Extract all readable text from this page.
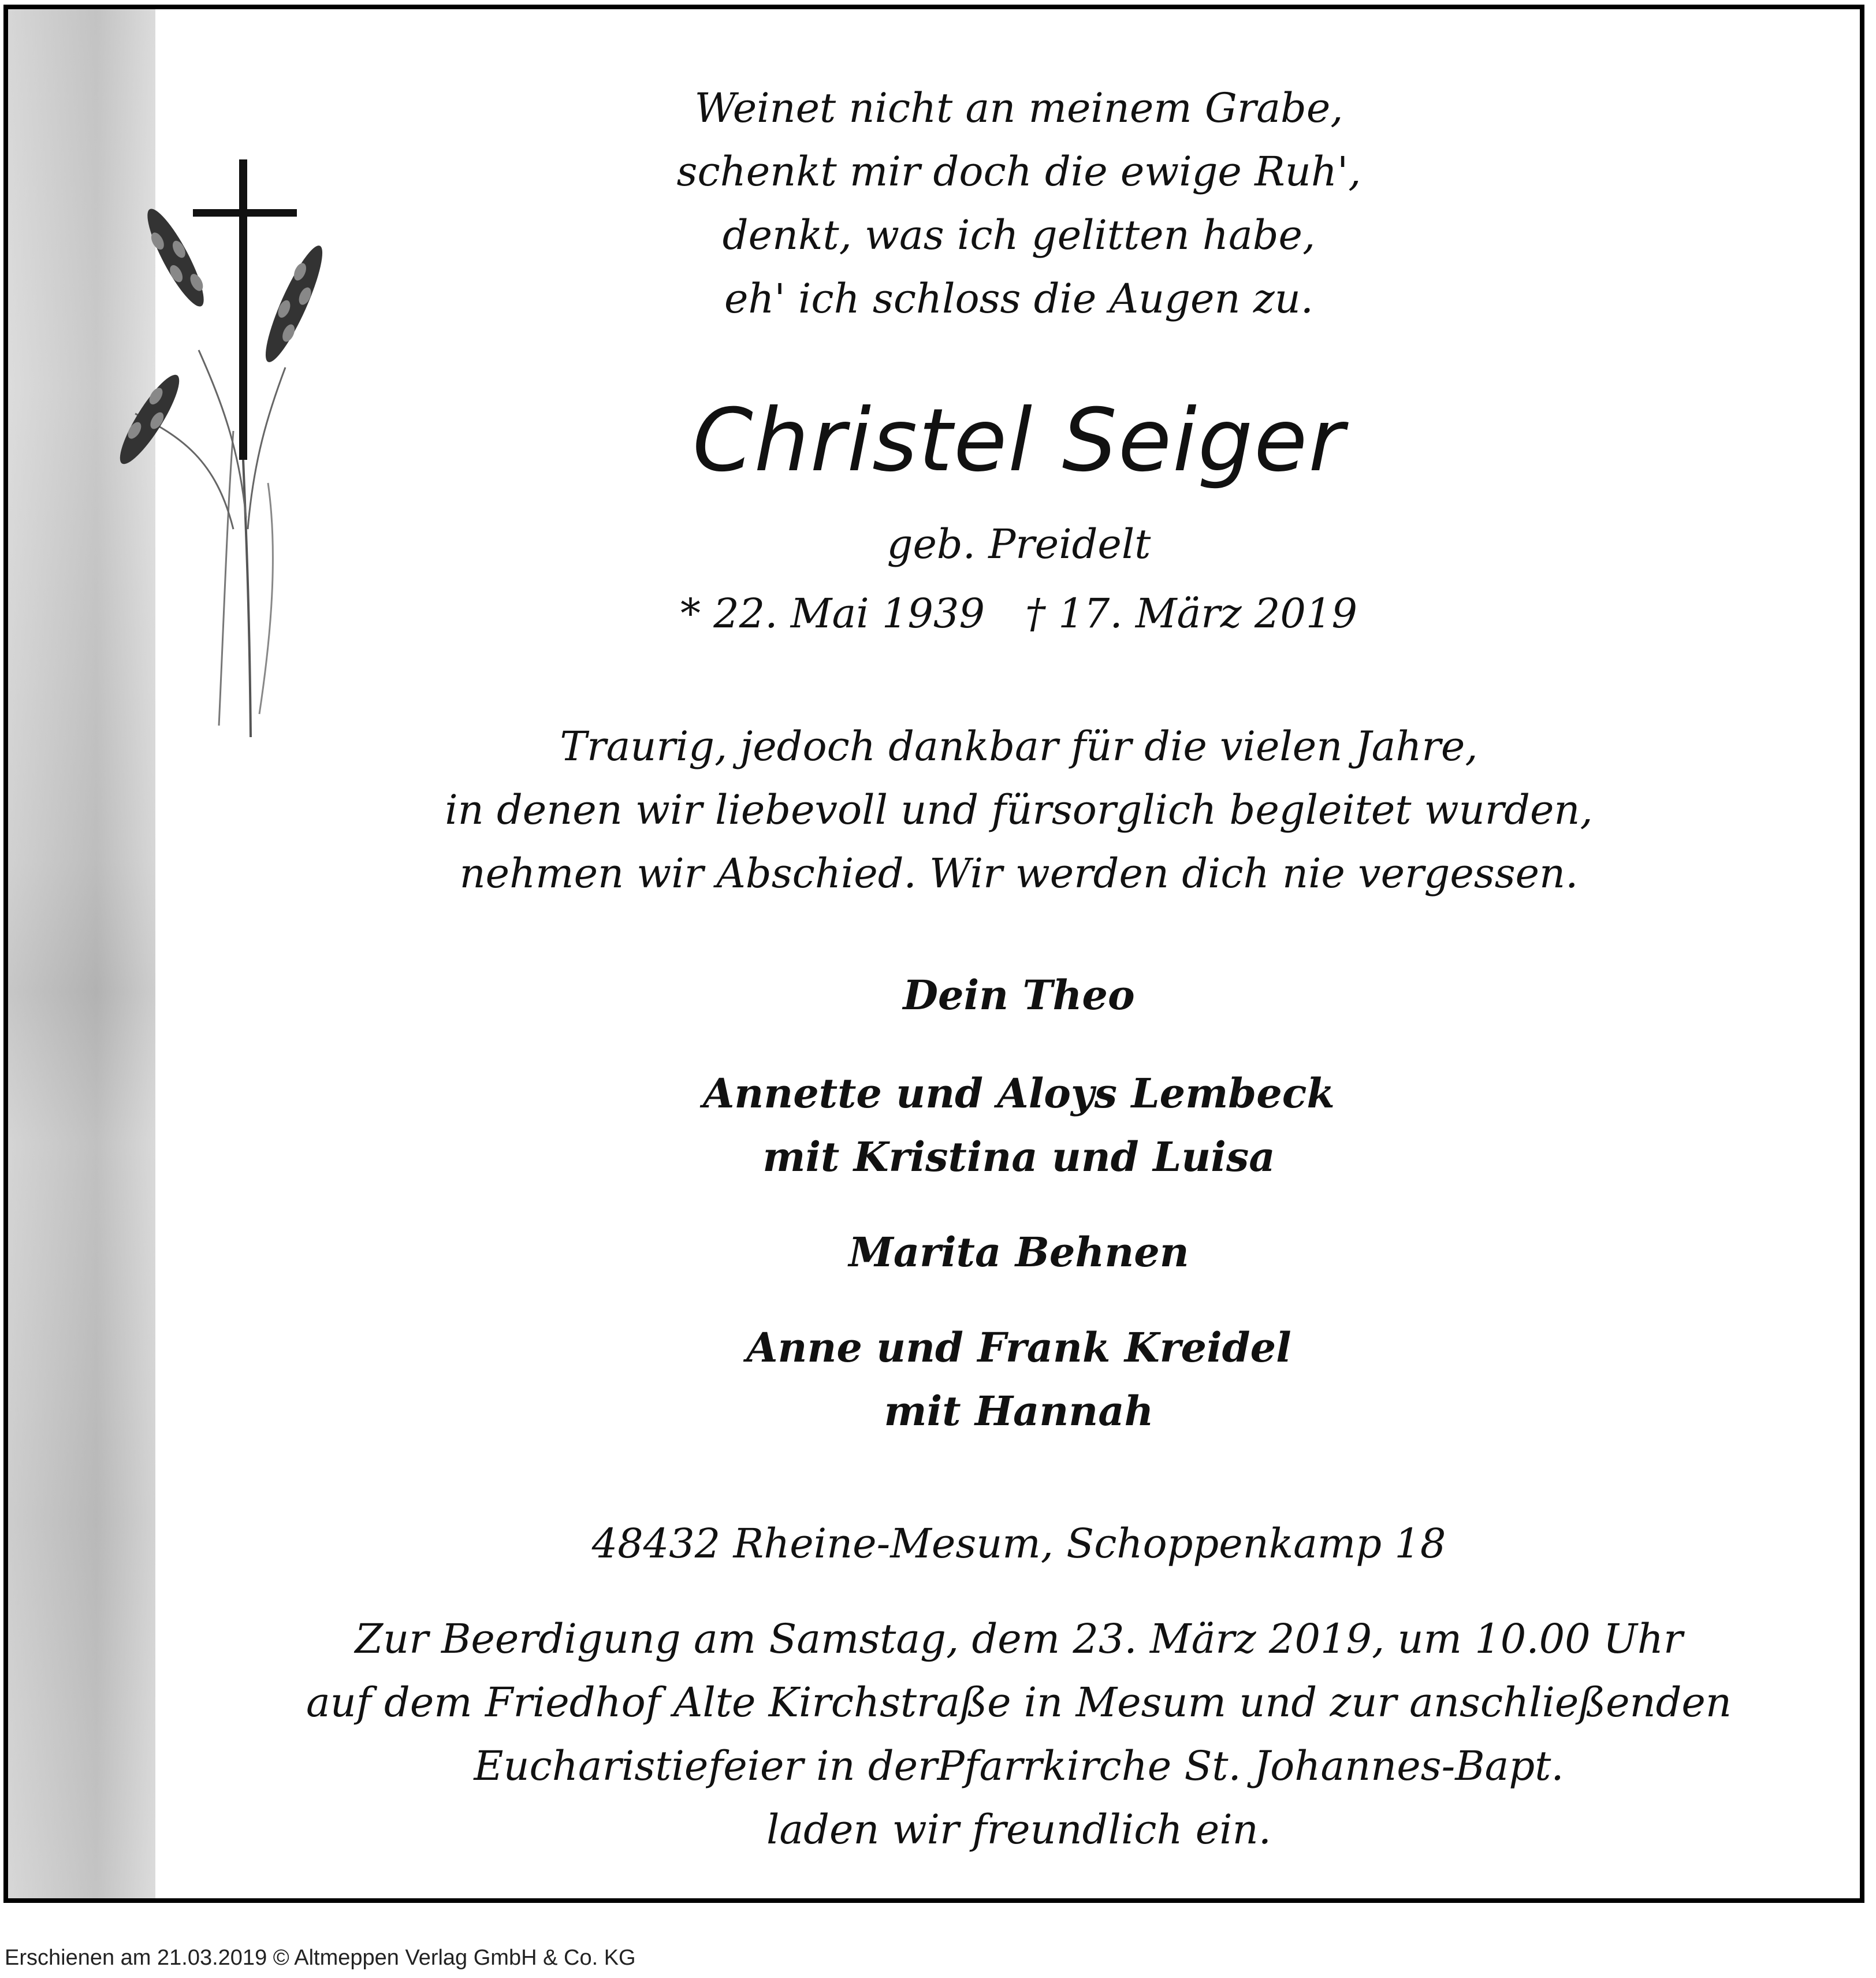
Weinet nicht an meinem Grabe,
schenkt mir doch die ewige Ruh',
denkt, was ich gelitten habe,
eh' ich schloss die Augen zu.
Christel Seiger
geb. Preidelt
* 22. Mai 1939 † 17. März 2019
Traurig, jedoch dankbar für die vielen Jahre,
in denen wir liebevoll und fürsorglich begleitet wurden,
nehmen wir Abschied. Wir werden dich nie vergessen.
Dein Theo
Annette und Aloys Lembeck
mit Kristina und Luisa
Marita Behnen
Anne und Frank Kreidel
mit Hannah
48432 Rheine-Mesum, Schoppenkamp 18
Zur Beerdigung am Samstag, dem 23. März 2019, um 10.00 Uhr
auf dem Friedhof Alte Kirchstraße in Mesum und zur anschließenden
Eucharistiefeier in derPfarrkirche St. Johannes-Bapt.
laden wir freundlich ein.
Erschienen am 21.03.2019 © Altmeppen Verlag GmbH & Co. KG
